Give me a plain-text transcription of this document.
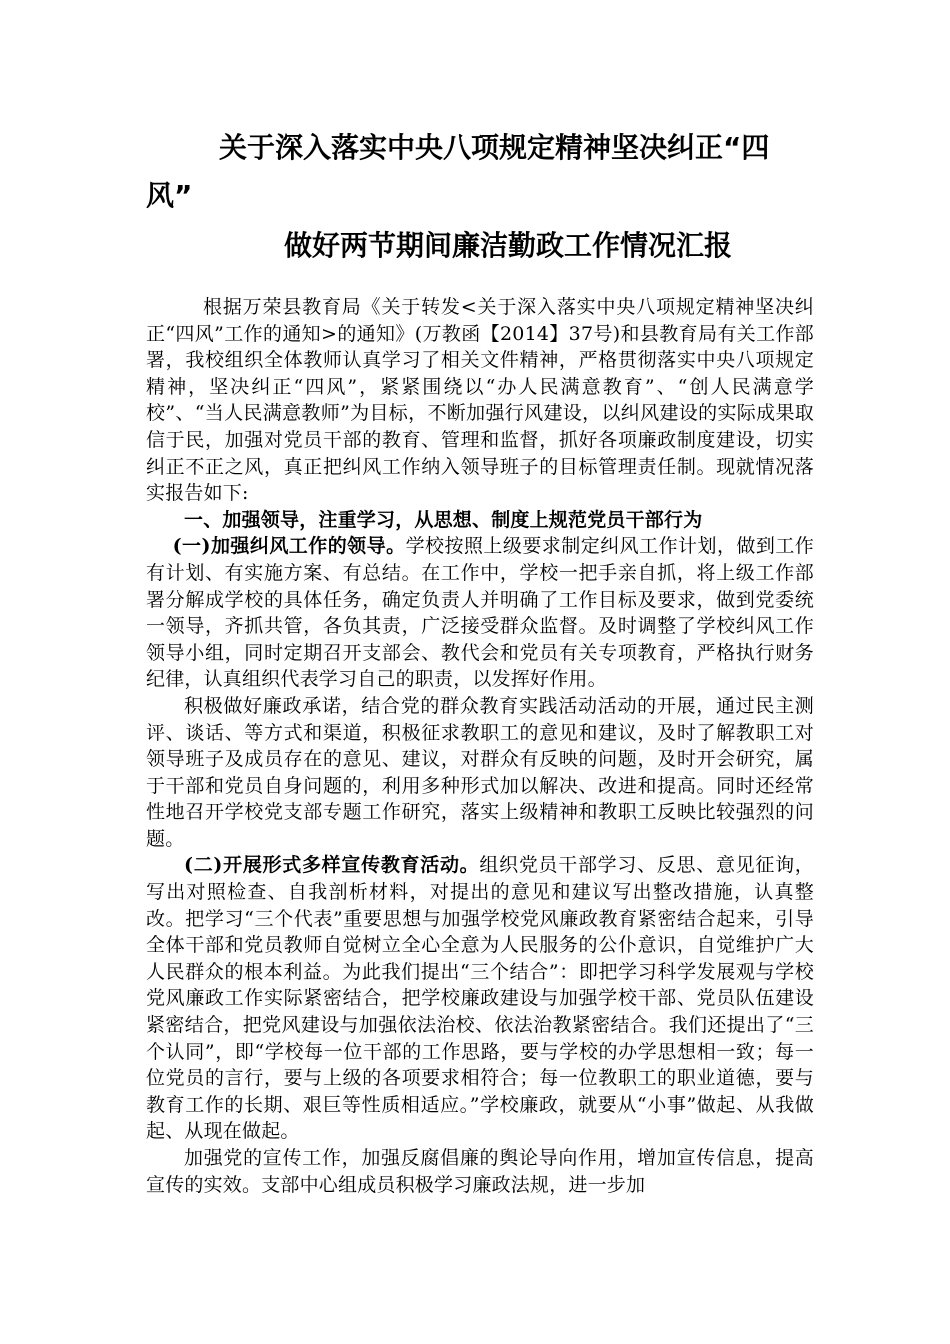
关于深入落实中央八项规定精神坚决纠正“四
风”
做好两节期间廉洁勤政工作情况汇报

根据万荣县教育局《关于转发<关于深入落实中央八项规定精神坚决纠正“四风”工作的通知>的通知》(万教函【2014】37号)和县教育局有关工作部署，我校组织全体教师认真学习了相关文件精神，严格贯彻落实中央八项规定精神，坚决纠正“四风”，紧紧围绕以“办人民满意教育”、“创人民满意学校”、“当人民满意教师”为目标，不断加强行风建设，以纠风建设的实际成果取信于民，加强对党员干部的教育、管理和监督，抓好各项廉政制度建设，切实纠正不正之风，真正把纠风工作纳入领导班子的目标管理责任制。现就情况落实报告如下:

一、加强领导，注重学习，从思想、制度上规范党员干部行为

(一)加强纠风工作的领导。学校按照上级要求制定纠风工作计划，做到工作有计划、有实施方案、有总结。在工作中，学校一把手亲自抓，将上级工作部署分解成学校的具体任务，确定负责人并明确了工作目标及要求，做到党委统一领导，齐抓共管，各负其责，广泛接受群众监督。及时调整了学校纠风工作领导小组，同时定期召开支部会、教代会和党员有关专项教育，严格执行财务纪律，认真组织代表学习自己的职责，以发挥好作用。

积极做好廉政承诺，结合党的群众教育实践活动活动的开展，通过民主测评、谈话、等方式和渠道，积极征求教职工的意见和建议，及时了解教职工对领导班子及成员存在的意见、建议，对群众有反映的问题，及时开会研究，属于干部和党员自身问题的，利用多种形式加以解决、改进和提高。同时还经常性地召开学校党支部专题工作研究，落实上级精神和教职工反映比较强烈的问题。

(二)开展形式多样宣传教育活动。组织党员干部学习、反思、意见征询，写出对照检查、自我剖析材料，对提出的意见和建议写出整改措施，认真整改。把学习“三个代表”重要思想与加强学校党风廉政教育紧密结合起来，引导全体干部和党员教师自觉树立全心全意为人民服务的公仆意识，自觉维护广大人民群众的根本利益。为此我们提出“三个结合”：即把学习科学发展观与学校党风廉政工作实际紧密结合，把学校廉政建设与加强学校干部、党员队伍建设紧密结合，把党风建设与加强依法治校、依法治教紧密结合。我们还提出了“三个认同”，即“学校每一位干部的工作思路，要与学校的办学思想相一致；每一位党员的言行，要与上级的各项要求相符合；每一位教职工的职业道德，要与教育工作的长期、艰巨等性质相适应。”学校廉政，就要从“小事”做起、从我做起、从现在做起。

加强党的宣传工作，加强反腐倡廉的舆论导向作用，增加宣传信息，提高宣传的实效。支部中心组成员积极学习廉政法规，进一步加
